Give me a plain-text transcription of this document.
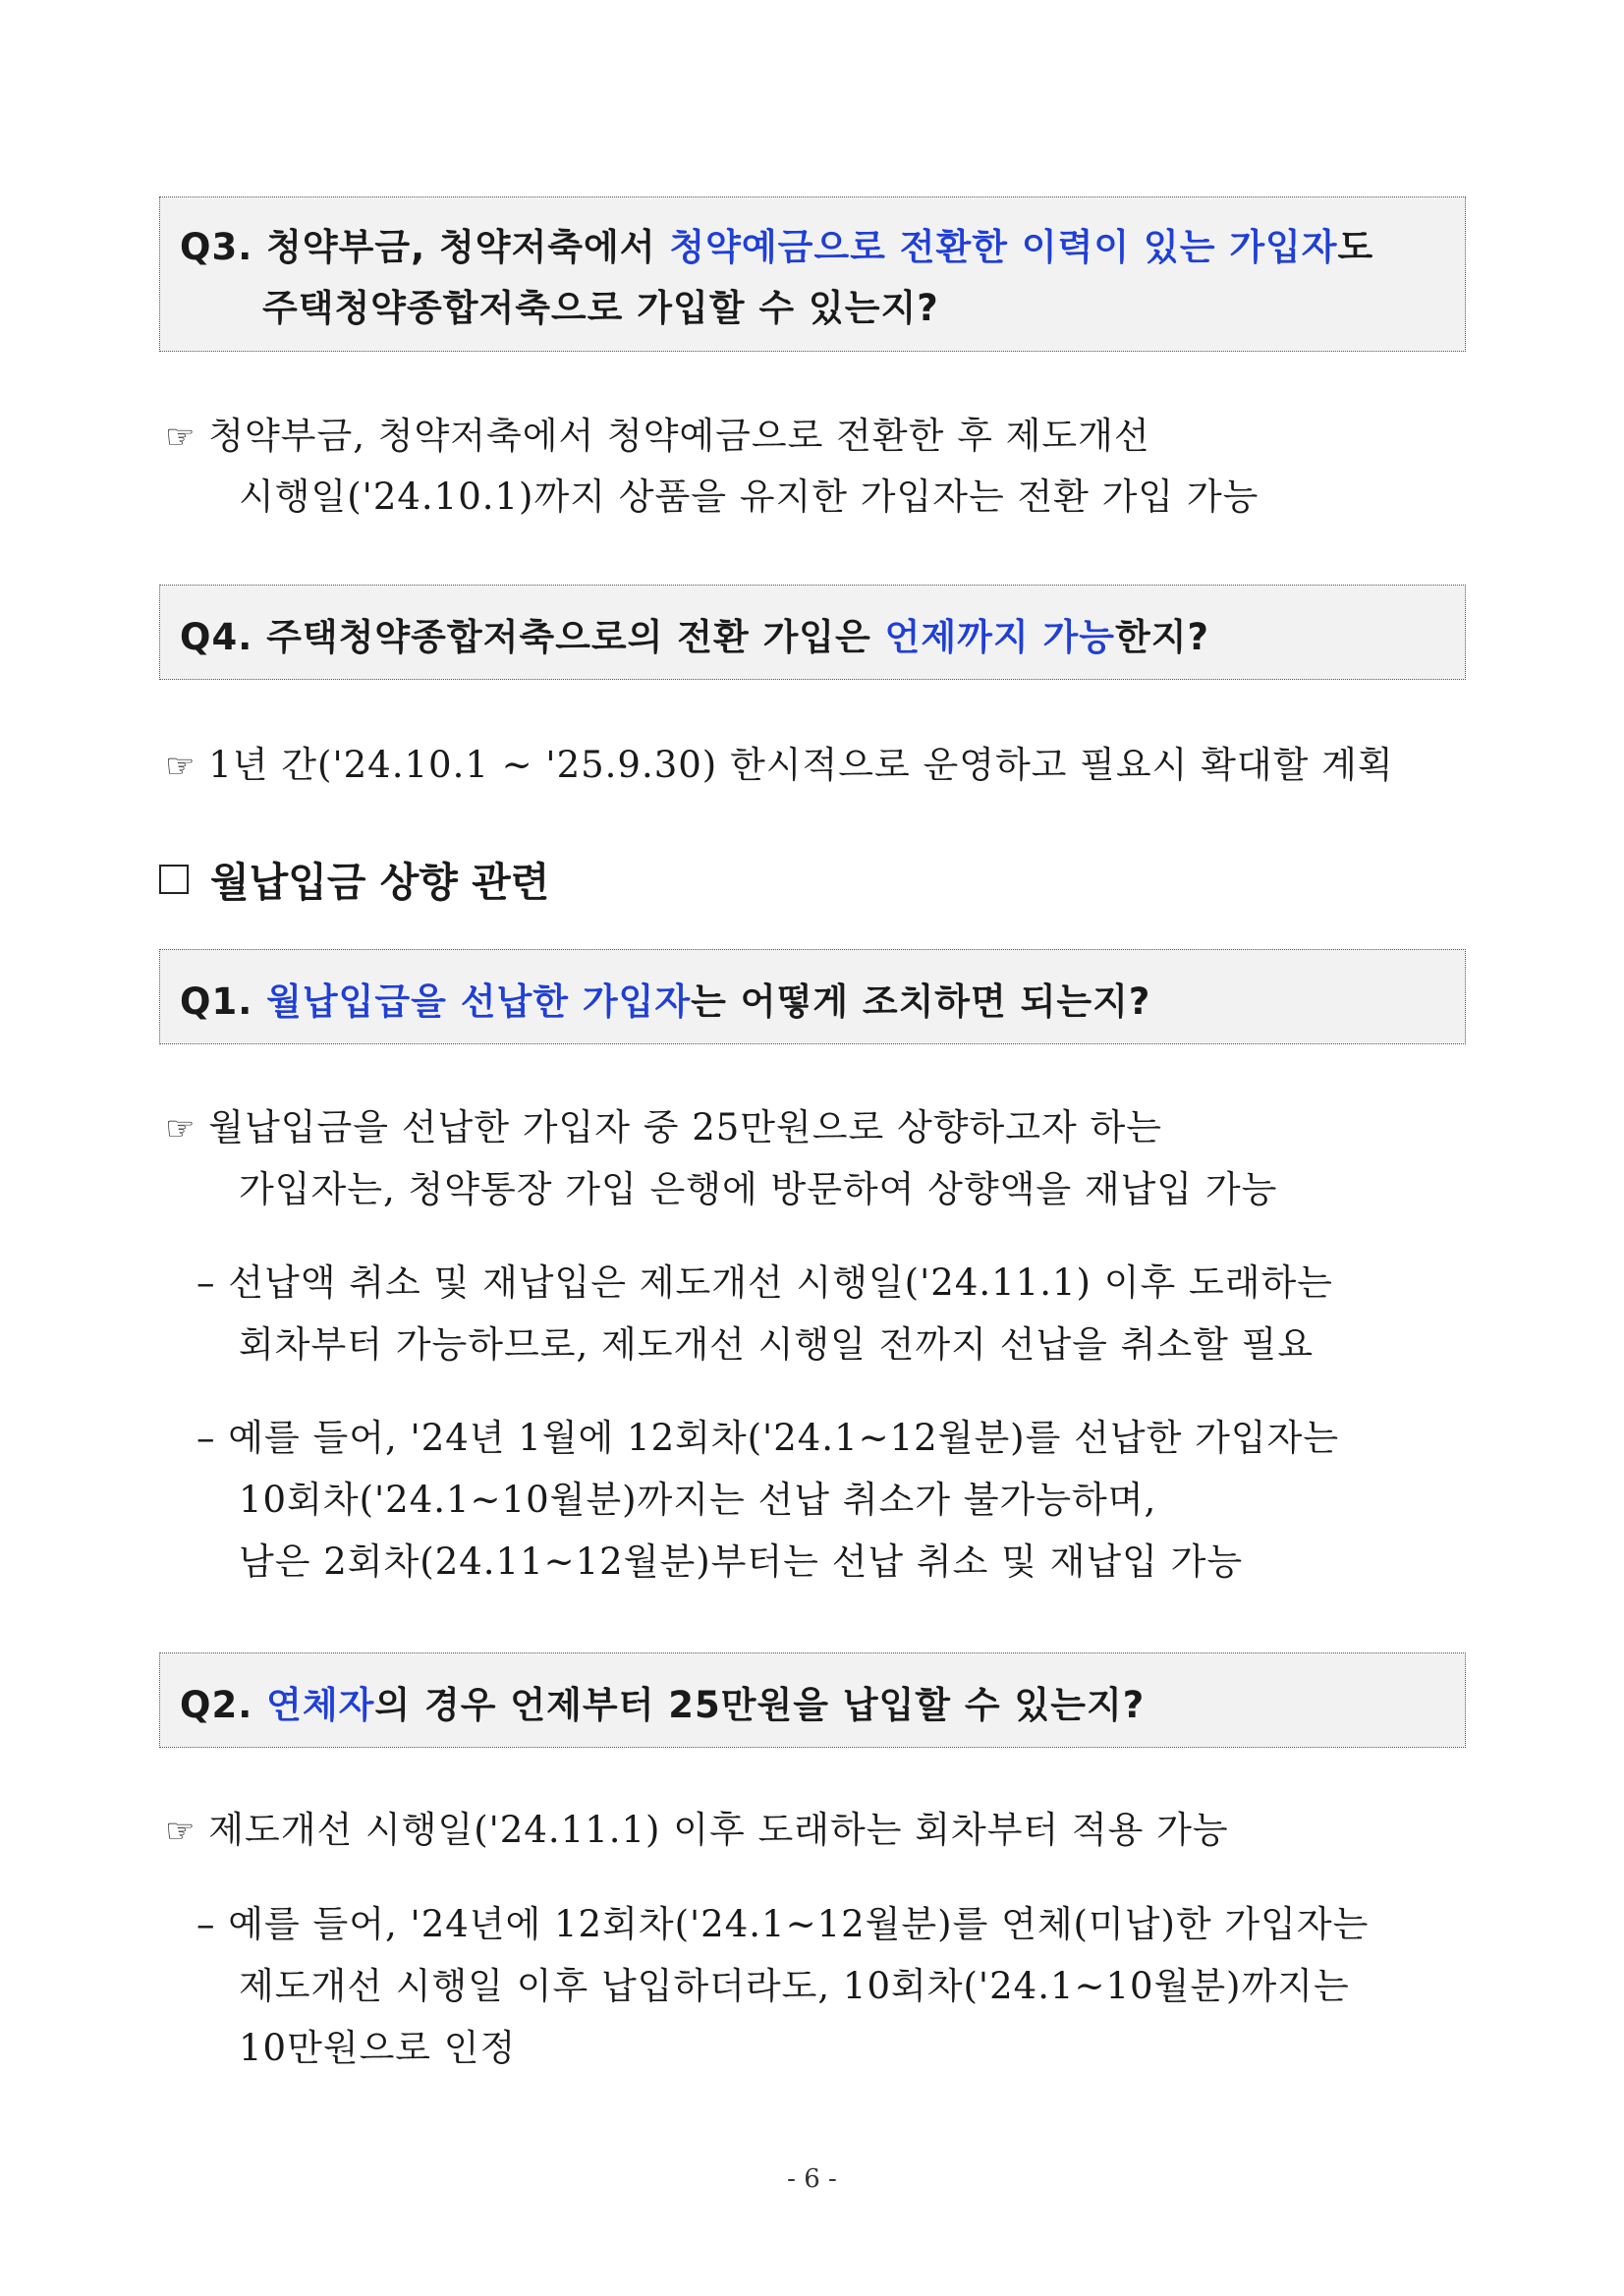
Q3. 청약부금, 청약저축에서 청약예금으로 전환한 이력이 있는 가입자도
주택청약종합저축으로 가입할 수 있는지?
☞ 청약부금, 청약저축에서 청약예금으로 전환한 후 제도개선
시행일('24.10.1)까지 상품을 유지한 가입자는 전환 가입 가능
Q4. 주택청약종합저축으로의 전환 가입은 언제까지 가능한지?
☞ 1년 간('24.10.1 ~ '25.9.30) 한시적으로 운영하고 필요시 확대할 계획
월납입금 상향 관련
Q1. 월납입급을 선납한 가입자는 어떻게 조치하면 되는지?
☞ 월납입금을 선납한 가입자 중 25만원으로 상향하고자 하는
가입자는, 청약통장 가입 은행에 방문하여 상향액을 재납입 가능
– 선납액 취소 및 재납입은 제도개선 시행일('24.11.1) 이후 도래하는
회차부터 가능하므로, 제도개선 시행일 전까지 선납을 취소할 필요
– 예를 들어, '24년 1월에 12회차('24.1~12월분)를 선납한 가입자는
10회차('24.1~10월분)까지는 선납 취소가 불가능하며,
남은 2회차(24.11~12월분)부터는 선납 취소 및 재납입 가능
Q2. 연체자의 경우 언제부터 25만원을 납입할 수 있는지?
☞ 제도개선 시행일('24.11.1) 이후 도래하는 회차부터 적용 가능
– 예를 들어, '24년에 12회차('24.1~12월분)를 연체(미납)한 가입자는
제도개선 시행일 이후 납입하더라도, 10회차('24.1~10월분)까지는
10만원으로 인정
- 6 -
